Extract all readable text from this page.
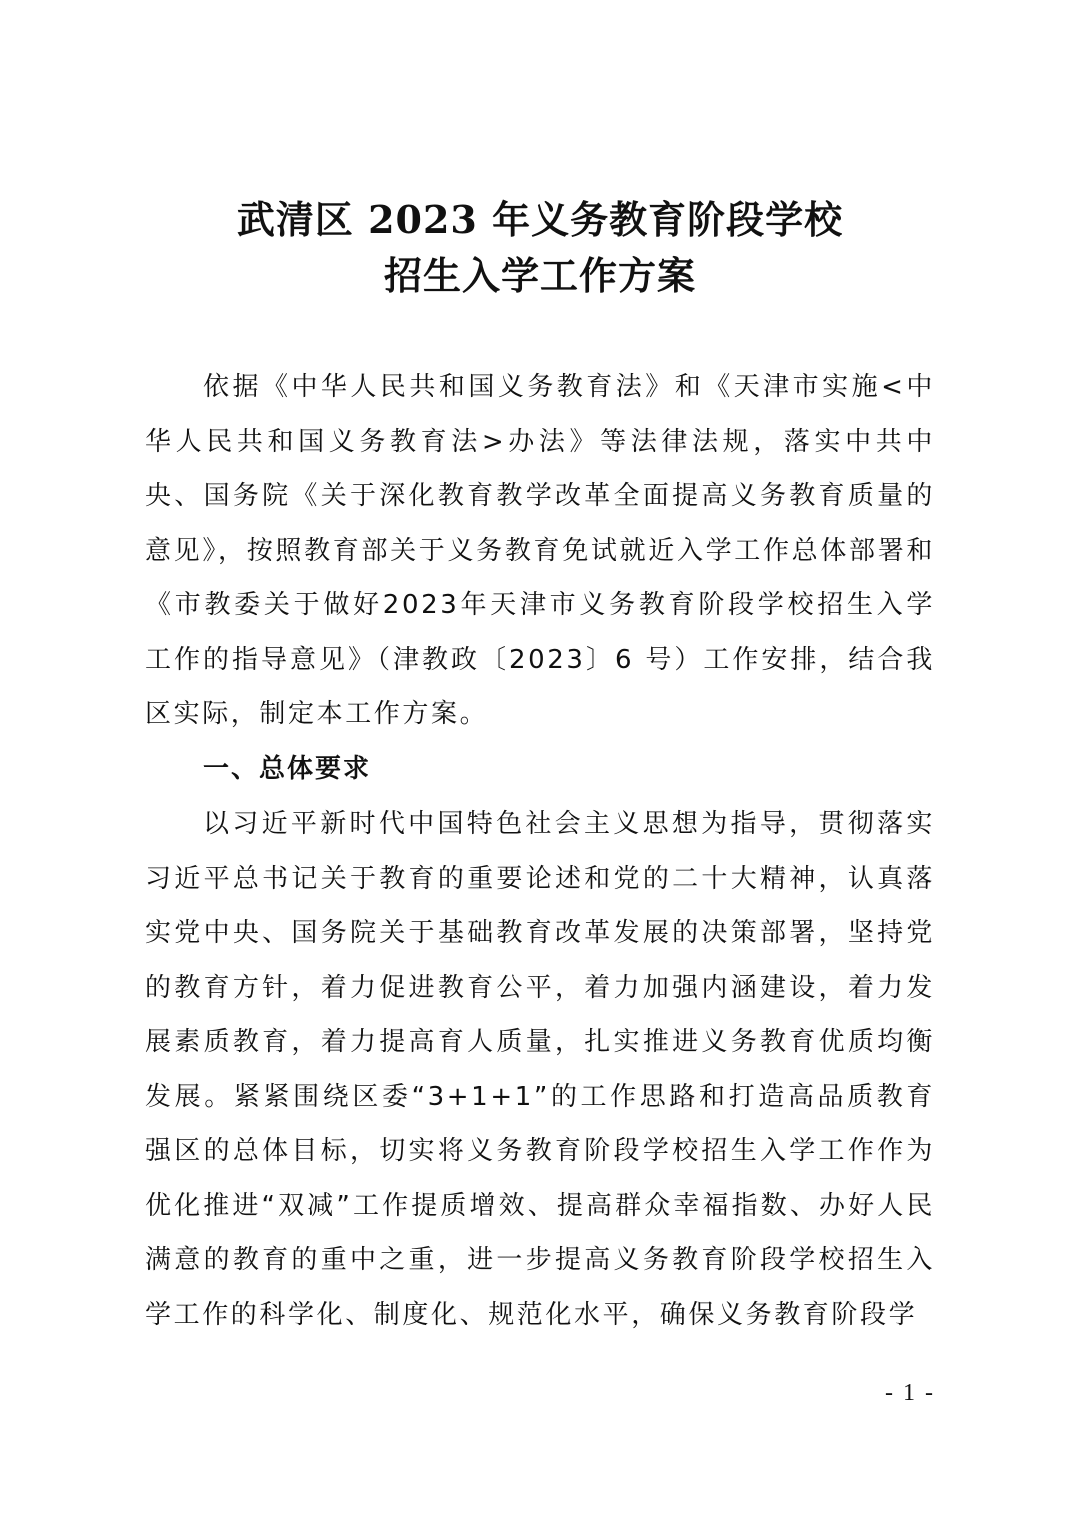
武清区 2023 年义务教育阶段学校
招生入学工作方案

依据《中华人民共和国义务教育法》和《天津市实施<中华人民共和国义务教育法>办法》等法律法规，落实中共中央、国务院《关于深化教育教学改革全面提高义务教育质量的意见》，按照教育部关于义务教育免试就近入学工作总体部署和《市教委关于做好2023年天津市义务教育阶段学校招生入学工作的指导意见》（津教政〔2023〕6 号）工作安排，结合我区实际，制定本工作方案。

一、总体要求

以习近平新时代中国特色社会主义思想为指导，贯彻落实习近平总书记关于教育的重要论述和党的二十大精神，认真落实党中央、国务院关于基础教育改革发展的决策部署，坚持党的教育方针，着力促进教育公平，着力加强内涵建设，着力发展素质教育，着力提高育人质量，扎实推进义务教育优质均衡发展。紧紧围绕区委“3+1+1”的工作思路和打造高品质教育强区的总体目标，切实将义务教育阶段学校招生入学工作作为优化推进“双减”工作提质增效、提高群众幸福指数、办好人民满意的教育的重中之重，进一步提高义务教育阶段学校招生入学工作的科学化、制度化、规范化水平，确保义务教育阶段学

- 1 -
